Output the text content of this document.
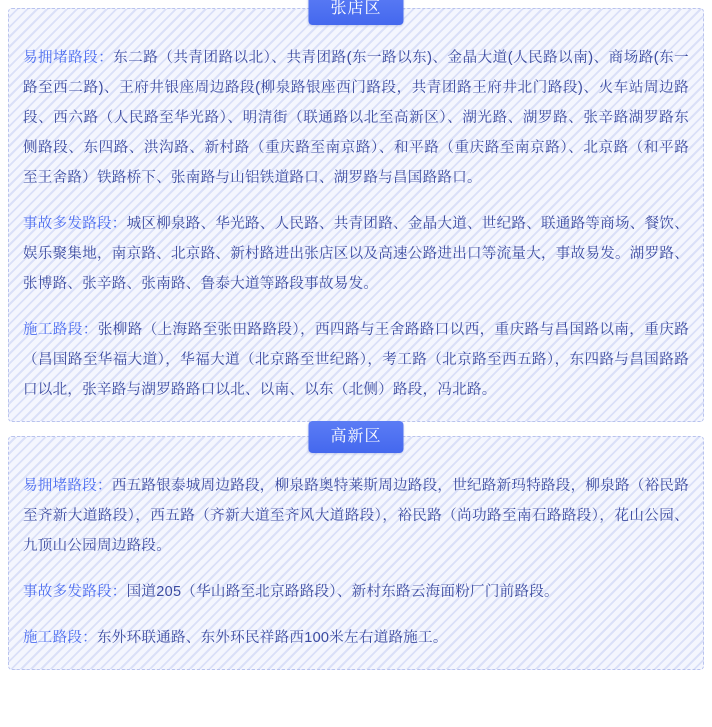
张店区

易拥堵路段：东二路（共青团路以北）、共青团路(东一路以东)、金晶大道(人民路以南)、商场路(东一路至西二路)、王府井银座周边路段(柳泉路银座西门路段，共青团路王府井北门路段)、火车站周边路段、西六路（人民路至华光路）、明清街（联通路以北至高新区）、湖光路、湖罗路、张辛路湖罗路东侧路段、东四路、洪沟路、新村路（重庆路至南京路）、和平路（重庆路至南京路）、北京路（和平路至王舍路）铁路桥下、张南路与山铝铁道路口、湖罗路与昌国路路口。

事故多发路段：城区柳泉路、华光路、人民路、共青团路、金晶大道、世纪路、联通路等商场、餐饮、娱乐聚集地，南京路、北京路、新村路进出张店区以及高速公路进出口等流量大，事故易发。湖罗路、张博路、张辛路、张南路、鲁泰大道等路段事故易发。

施工路段：张柳路（上海路至张田路路段），西四路与王舍路路口以西，重庆路与昌国路以南，重庆路（昌国路至华福大道），华福大道（北京路至世纪路），考工路（北京路至西五路），东四路与昌国路路口以北，张辛路与湖罗路路口以北、以南、以东（北侧）路段，冯北路。

高新区

易拥堵路段：西五路银泰城周边路段，柳泉路奥特莱斯周边路段，世纪路新玛特路段，柳泉路（裕民路至齐新大道路段），西五路（齐新大道至齐风大道路段），裕民路（尚功路至南石路路段），花山公园、九顶山公园周边路段。

事故多发路段：国道205（华山路至北京路路段）、新村东路云海面粉厂门前路段。

施工路段：东外环联通路、东外环民祥路西100米左右道路施工。
